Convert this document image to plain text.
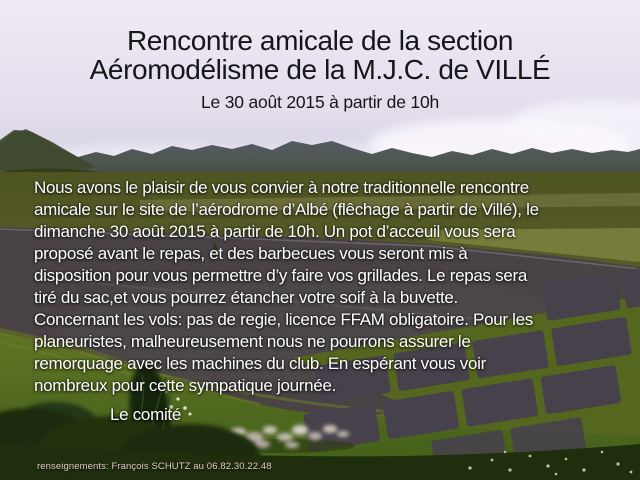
Rencontre amicale de la section
Aéromodélisme de la M.J.C. de VILLÉ
Le 30 août 2015 à partir de 10h
Nous avons le plaisir de vous convier à notre traditionnelle rencontre
amicale sur le site de l’aérodrome d’Albé (flêchage à partir de Villé), le
dimanche 30 août 2015 à partir de 10h. Un pot d’acceuil vous sera
proposé avant le repas, et des barbecues vous seront mis à
disposition pour vous permettre d’y faire vos grillades. Le repas sera
tiré du sac,et vous pourrez étancher votre soif à la buvette.
Concernant les vols: pas de regie, licence FFAM obligatoire. Pour les
planeuristes, malheureusement nous ne pourrons assurer le
remorquage avec les machines du club. En espérant vous voir
nombreux pour cette sympatique journée.
Le comité
renseignements: François SCHUTZ au 06.82.30.22.48
